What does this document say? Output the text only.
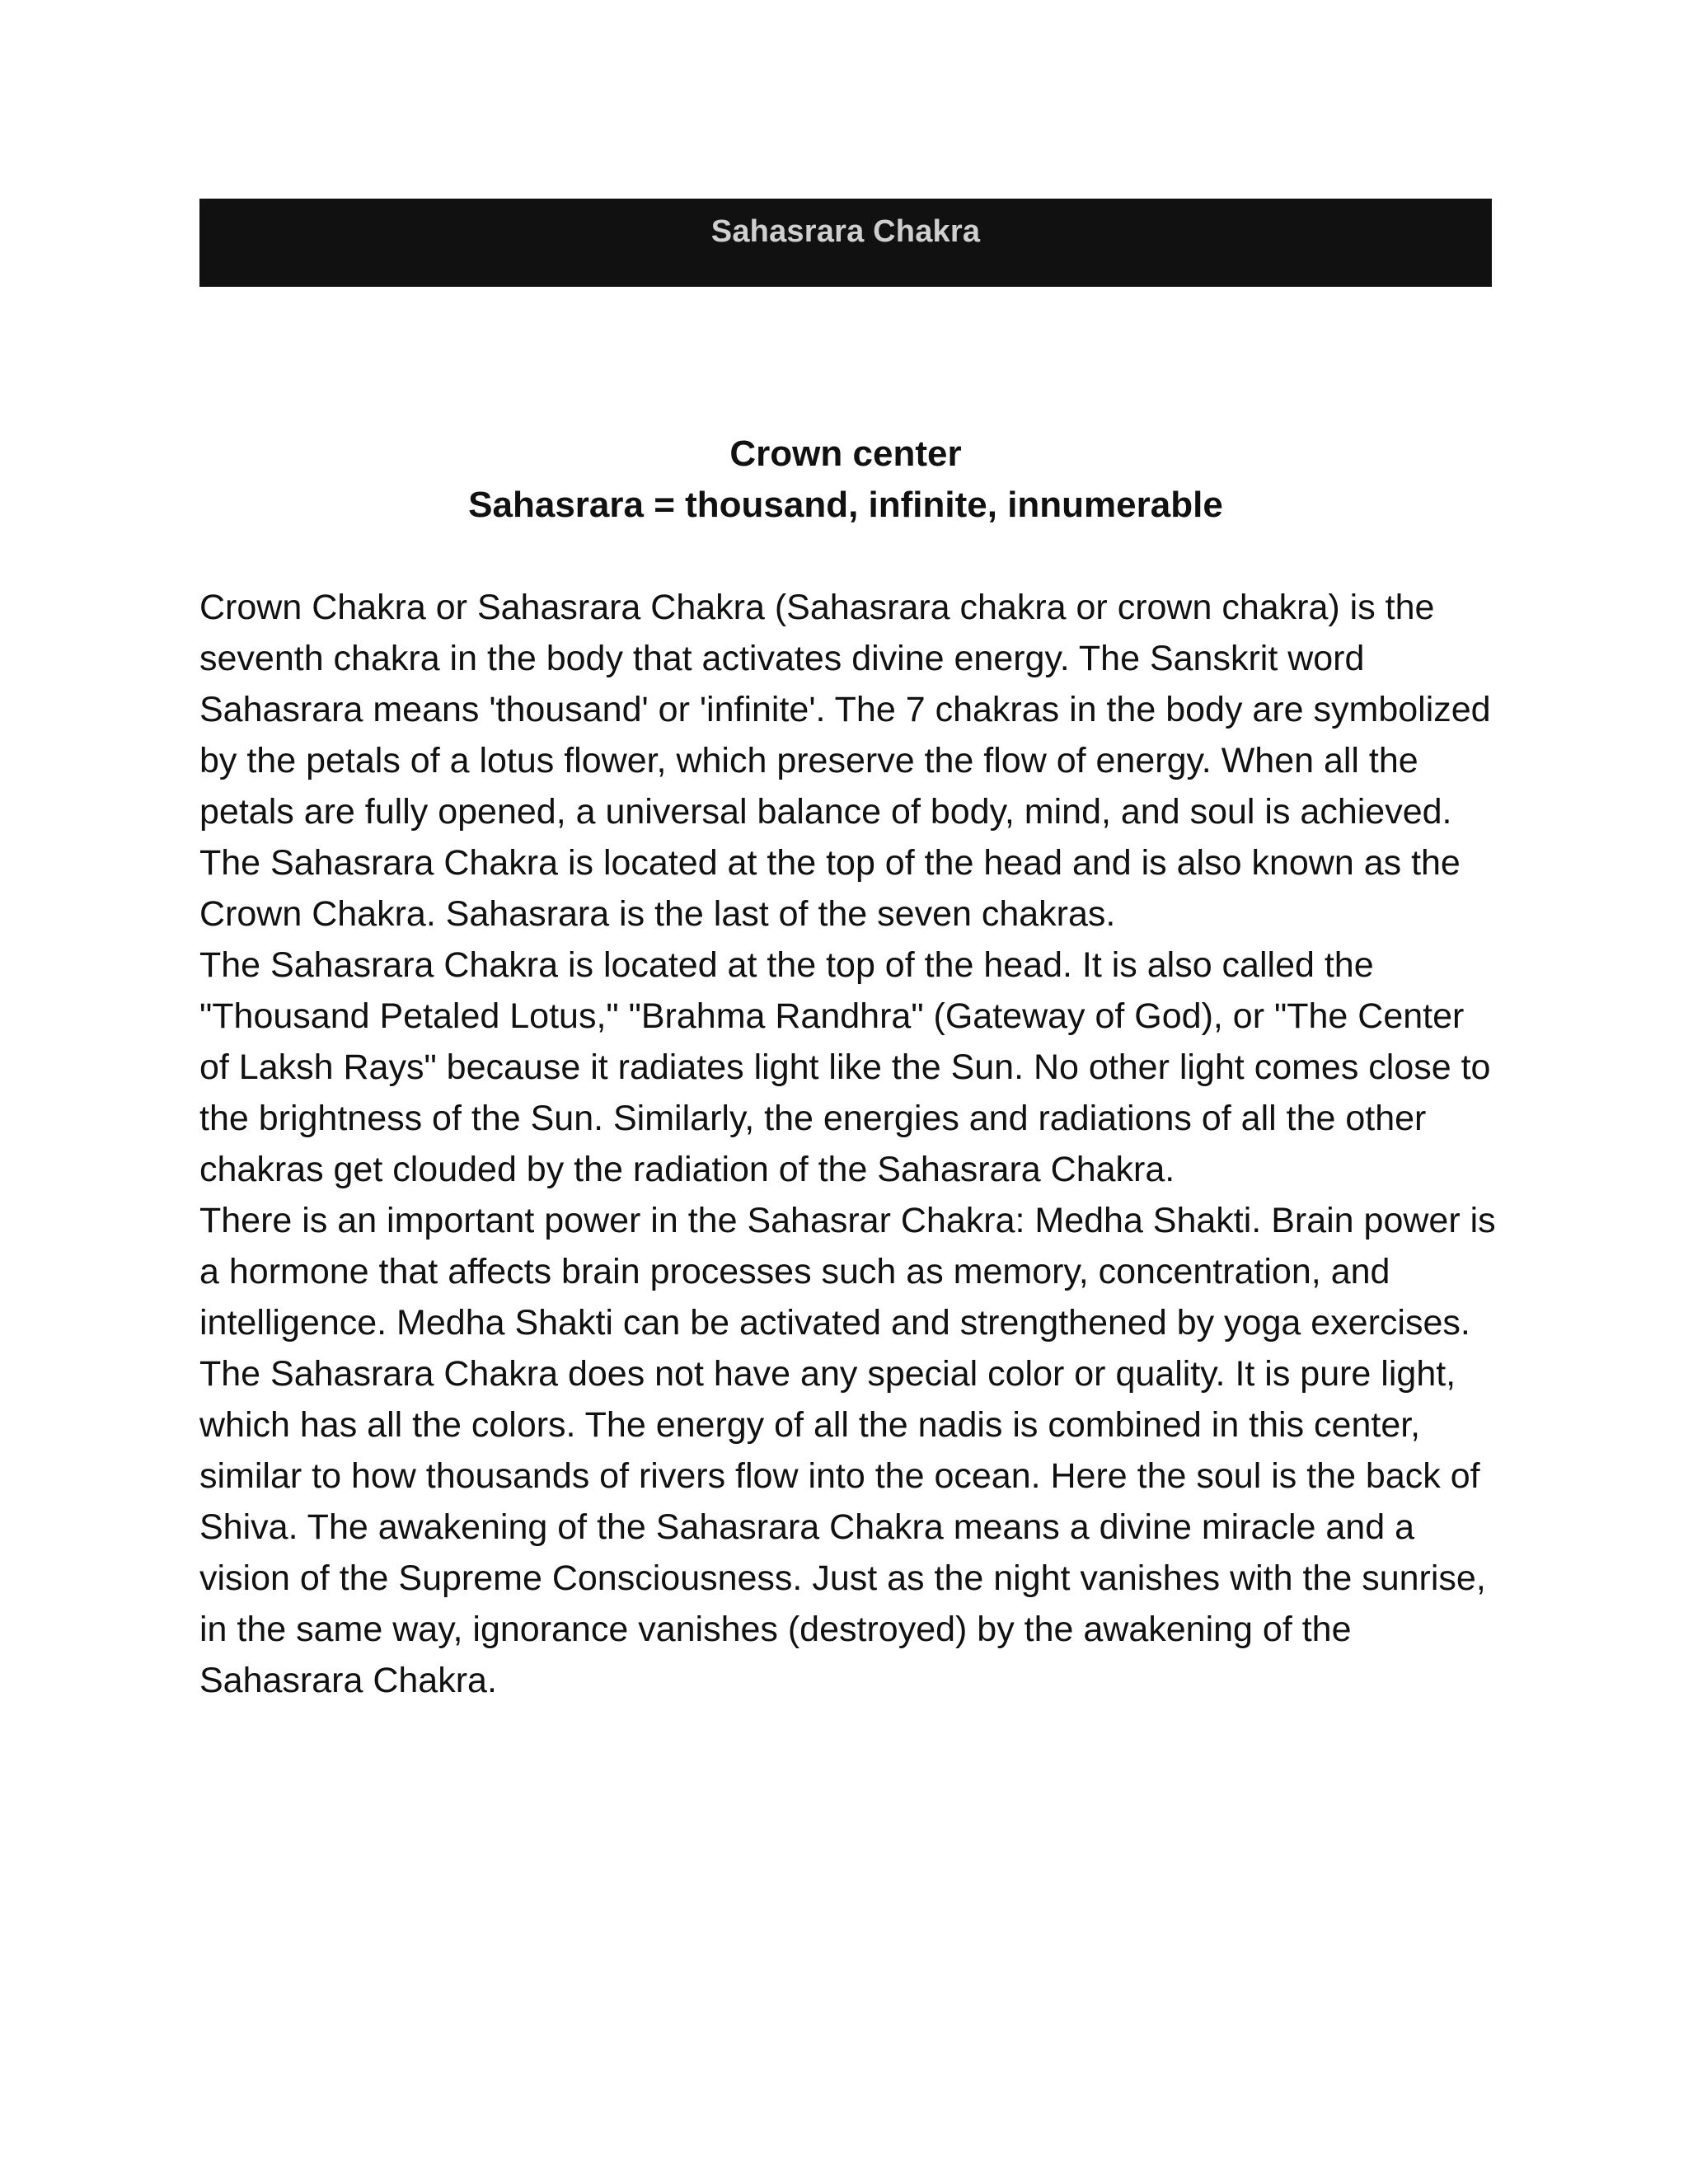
Sahasrara Chakra
Crown center
Sahasrara = thousand, infinite, innumerable

Crown Chakra or Sahasrara Chakra (Sahasrara chakra or crown chakra) is the seventh chakra in the body that activates divine energy. The Sanskrit word Sahasrara means 'thousand' or 'infinite'. The 7 chakras in the body are symbolized by the petals of a lotus flower, which preserve the flow of energy. When all the petals are fully opened, a universal balance of body, mind, and soul is achieved. The Sahasrara Chakra is located at the top of the head and is also known as the Crown Chakra. Sahasrara is the last of the seven chakras.

The Sahasrara Chakra is located at the top of the head. It is also called the "Thousand Petaled Lotus," "Brahma Randhra" (Gateway of God), or "The Center of Laksh Rays" because it radiates light like the Sun. No other light comes close to the brightness of the Sun. Similarly, the energies and radiations of all the other chakras get clouded by the radiation of the Sahasrara Chakra.

There is an important power in the Sahasrar Chakra: Medha Shakti. Brain power is a hormone that affects brain processes such as memory, concentration, and intelligence. Medha Shakti can be activated and strengthened by yoga exercises.

The Sahasrara Chakra does not have any special color or quality. It is pure light, which has all the colors. The energy of all the nadis is combined in this center, similar to how thousands of rivers flow into the ocean. Here the soul is the back of Shiva. The awakening of the Sahasrara Chakra means a divine miracle and a vision of the Supreme Consciousness. Just as the night vanishes with the sunrise, in the same way, ignorance vanishes (destroyed) by the awakening of the Sahasrara Chakra.
